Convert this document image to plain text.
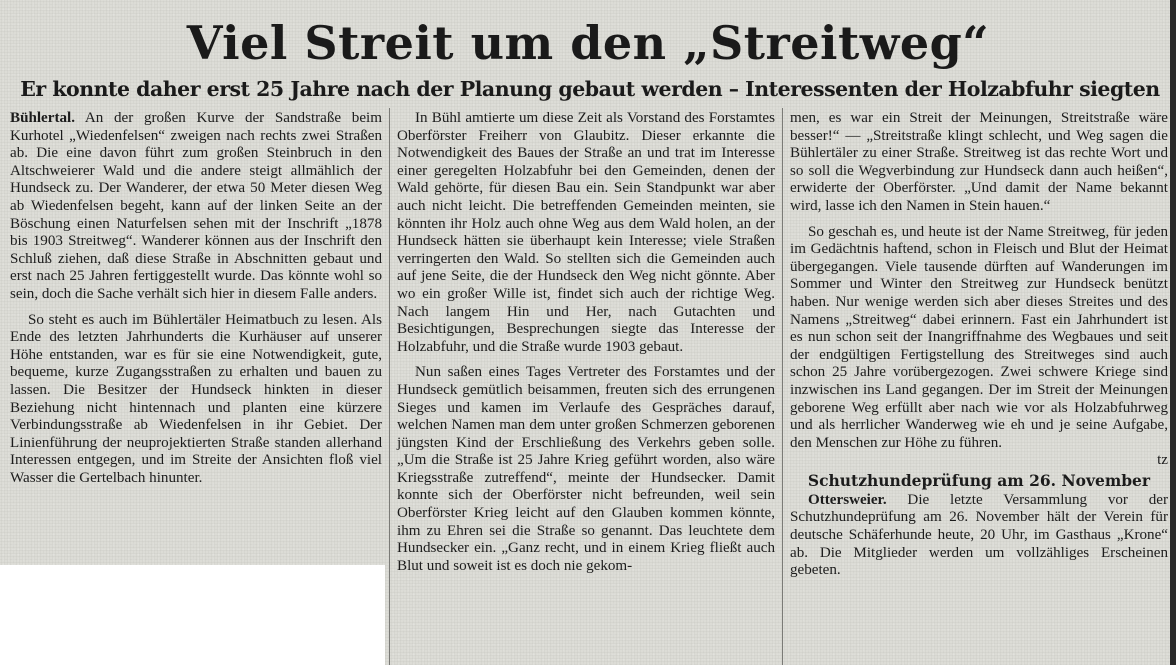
Viel Streit um den „Streitweg“
Er konnte daher erst 25 Jahre nach der Planung gebaut werden – Interessenten der Holzabfuhr siegten

Bühlertal. An der großen Kurve der Sandstraße beim Kurhotel „Wiedenfelsen“ zweigen nach rechts zwei Straßen ab. Die eine davon führt zum großen Steinbruch in den Altschweierer Wald und die andere steigt allmählich der Hundseck zu. Der Wanderer, der etwa 50 Meter diesen Weg ab Wiedenfelsen begeht, kann auf der linken Seite an der Böschung einen Naturfelsen sehen mit der Inschrift „1878 bis 1903 Streitweg“. Wanderer können aus der Inschrift den Schluß ziehen, daß diese Straße in Abschnitten gebaut und erst nach 25 Jahren fertiggestellt wurde. Das könnte wohl so sein, doch die Sache verhält sich hier in diesem Falle anders.

So steht es auch im Bühlertäler Heimatbuch zu lesen. Als Ende des letzten Jahrhunderts die Kurhäuser auf unserer Höhe entstanden, war es für sie eine Notwendigkeit, gute, bequeme, kurze Zugangsstraßen zu erhalten und bauen zu lassen. Die Besitzer der Hundseck hinkten in dieser Beziehung nicht hintennach und planten eine kürzere Verbindungsstraße ab Wiedenfelsen in ihr Gebiet. Der Linienführung der neuprojektierten Straße standen allerhand Interessen entgegen, und im Streite der Ansichten floß viel Wasser die Gertelbach hinunter.

In Bühl amtierte um diese Zeit als Vorstand des Forstamtes Oberförster Freiherr von Glaubitz. Dieser erkannte die Notwendigkeit des Baues der Straße an und trat im Interesse einer geregelten Holzabfuhr bei den Gemeinden, denen der Wald gehörte, für diesen Bau ein. Sein Standpunkt war aber auch nicht leicht. Die betreffenden Gemeinden meinten, sie könnten ihr Holz auch ohne Weg aus dem Wald holen, an der Hundseck hätten sie überhaupt kein Interesse; viele Straßen verringerten den Wald. So stellten sich die Gemeinden auch auf jene Seite, die der Hundseck den Weg nicht gönnte. Aber wo ein großer Wille ist, findet sich auch der richtige Weg. Nach langem Hin und Her, nach Gutachten und Besichtigungen, Besprechungen siegte das Interesse der Holzabfuhr, und die Straße wurde 1903 gebaut.

Nun saßen eines Tages Vertreter des Forstamtes und der Hundseck gemütlich beisammen, freuten sich des errungenen Sieges und kamen im Verlaufe des Gespräches darauf, welchen Namen man dem unter großen Schmerzen geborenen jüngsten Kind der Erschließung des Verkehrs geben solle. „Um die Straße ist 25 Jahre Krieg geführt worden, also wäre Kriegsstraße zutreffend“, meinte der Hundsecker. Damit konnte sich der Oberförster nicht befreunden, weil sein Oberförster Krieg leicht auf den Glauben kommen könnte, ihm zu Ehren sei die Straße so genannt. Das leuchtete dem Hundsecker ein. „Ganz recht, und in einem Krieg fließt auch Blut und soweit ist es doch nie gekom-

men, es war ein Streit der Meinungen, Streitstraße wäre besser!“ — „Streitstraße klingt schlecht, und Weg sagen die Bühlertäler zu einer Straße. Streitweg ist das rechte Wort und so soll die Wegverbindung zur Hundseck dann auch heißen“, erwiderte der Oberförster. „Und damit der Name bekannt wird, lasse ich den Namen in Stein hauen.“

So geschah es, und heute ist der Name Streitweg, für jeden im Gedächtnis haftend, schon in Fleisch und Blut der Heimat übergegangen. Viele tausende dürften auf Wanderungen im Sommer und Winter den Streitweg zur Hundseck benützt haben. Nur wenige werden sich aber dieses Streites und des Namens „Streitweg“ dabei erinnern. Fast ein Jahrhundert ist es nun schon seit der Inangriffnahme des Wegbaues und seit der endgültigen Fertigstellung des Streitweges sind auch schon 25 Jahre vorübergezogen. Zwei schwere Kriege sind inzwischen ins Land gegangen. Der im Streit der Meinungen geborene Weg erfüllt aber nach wie vor als Holzabfuhrweg und als herrlicher Wanderweg wie eh und je seine Aufgabe, den Menschen zur Höhe zu führen.

tz

Schutzhundeprüfung am 26. November

Ottersweier. Die letzte Versammlung vor der Schutzhundeprüfung am 26. November hält der Verein für deutsche Schäferhunde heute, 20 Uhr, im Gasthaus „Krone“ ab. Die Mitglieder werden um vollzähliges Erscheinen gebeten.
